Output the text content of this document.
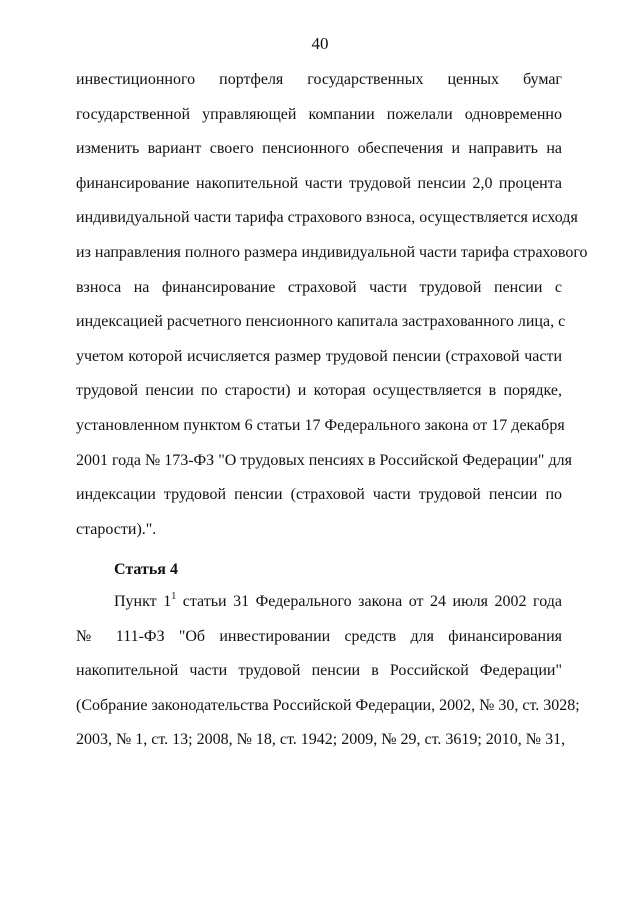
40
инвестиционного портфеля государственных ценных бумаг
государственной управляющей компании пожелали одновременно
изменить вариант своего пенсионного обеспечения и направить на
финансирование накопительной части трудовой пенсии 2,0 процента
индивидуальной части тарифа страхового взноса, осуществляется исходя
из направления полного размера индивидуальной части тарифа страхового
взноса на финансирование страховой части трудовой пенсии с
индексацией расчетного пенсионного капитала застрахованного лица, с
учетом которой исчисляется размер трудовой пенсии (страховой части
трудовой пенсии по старости) и которая осуществляется в порядке,
установленном пунктом 6 статьи 17 Федерального закона от 17 декабря
2001 года № 173-ФЗ "О трудовых пенсиях в Российской Федерации" для
индексации трудовой пенсии (страховой части трудовой пенсии по
старости).".
Статья 4
Пункт $1^1$ статьи 31 Федерального закона от 24 июля 2002 года
№ 111-ФЗ "Об инвестировании средств для финансирования
накопительной части трудовой пенсии в Российской Федерации"
(Собрание законодательства Российской Федерации, 2002, № 30, ст. 3028;
2003, № 1, ст. 13; 2008, № 18, ст. 1942; 2009, № 29, ст. 3619; 2010, № 31,
